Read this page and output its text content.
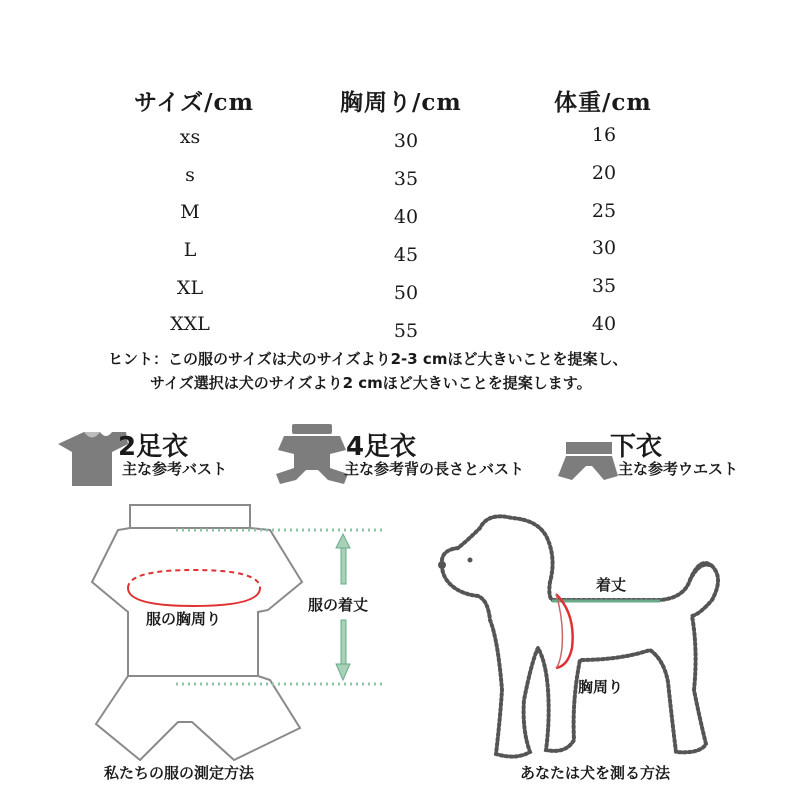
サイズ/cm	胸周り/cm	体重/cm
xs	30	16
s	35	20
M	40	25
L	45	30
XL	50	35
XXL	55	40
ヒント：この服のサイズは犬のサイズより2-3 cmほど大きいことを提案し、
サイズ選択は犬のサイズより2 cmほど大きいことを提案します。
2足衣
主な参考バスト
4足衣
主な参考背の長さとバスト
下衣
主な参考ウエスト
服の胸周り
服の着丈
私たちの服の測定方法
着丈
胸周り
あなたは犬を測る方法
